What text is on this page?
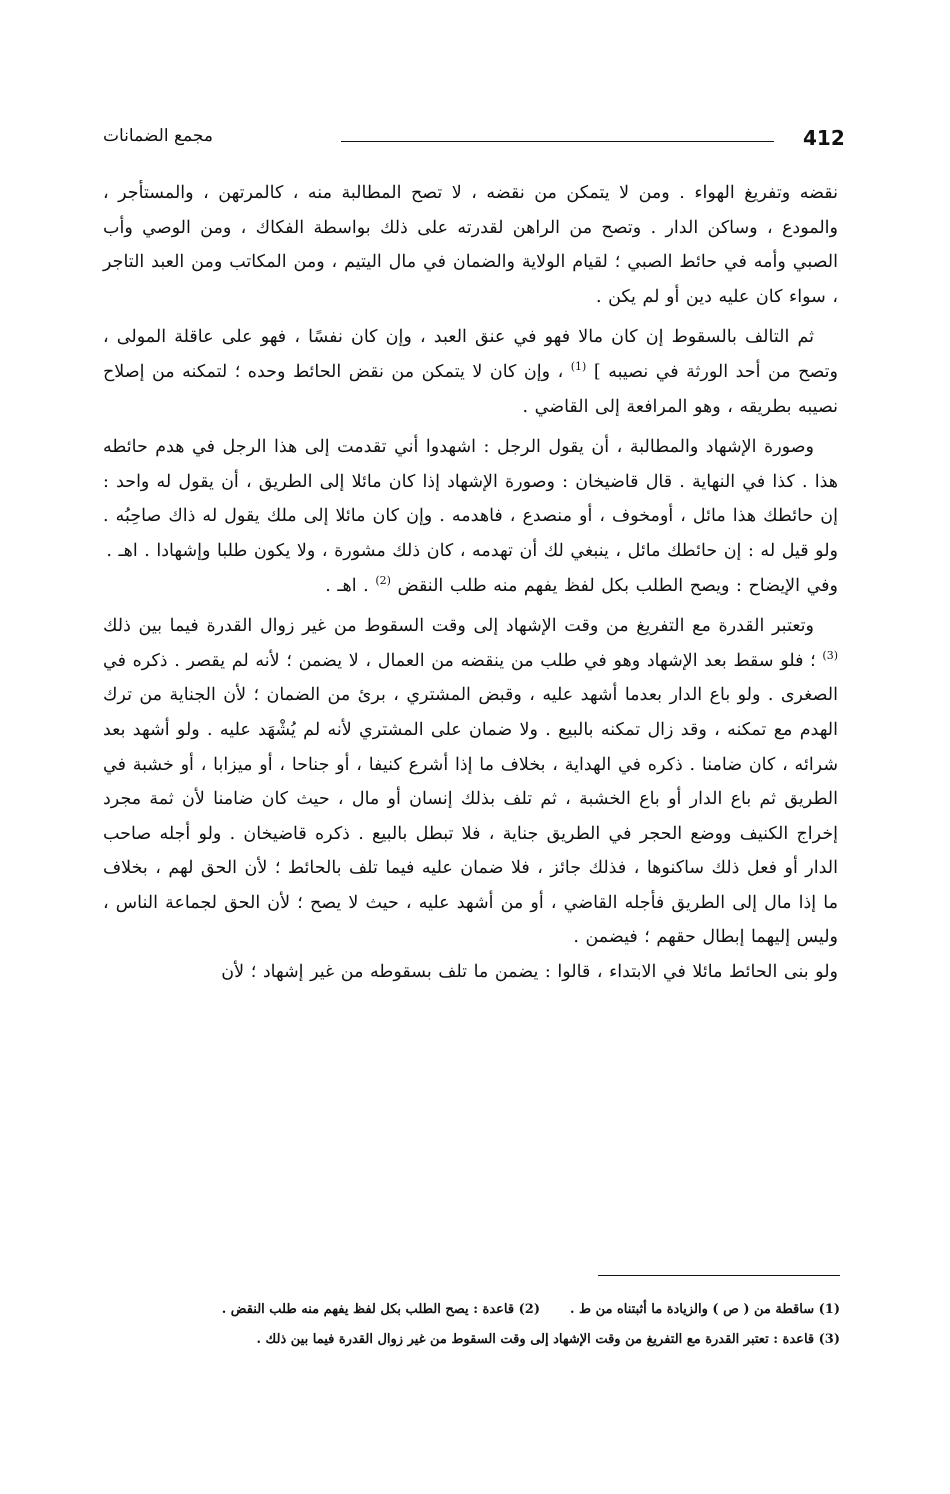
412
مجمع الضمانات

نقضه وتفريغ الهواء . ومن لا يتمكن من نقضه ، لا تصح المطالبة منه ، كالمرتهن ، والمستأجر ، والمودع ، وساكن الدار . وتصح من الراهن لقدرته على ذلك بواسطة الفكاك ، ومن الوصي وأب الصبي وأمه في حائط الصبي ؛ لقيام الولاية والضمان في مال اليتيم ، ومن المكاتب ومن العبد التاجر ، سواء كان عليه دين أو لم يكن .

ثم التالف بالسقوط إن كان مالا فهو في عنق العبد ، وإن كان نفسًا ، فهو على عاقلة المولى ، وتصح من أحد الورثة في نصيبه ] $^{(1)}$ ، وإن كان لا يتمكن من نقض الحائط وحده ؛ لتمكنه من إصلاح نصيبه بطريقه ، وهو المرافعة إلى القاضي .

وصورة الإشهاد والمطالبة ، أن يقول الرجل : اشهدوا أني تقدمت إلى هذا الرجل في هدم حائطه هذا . كذا في النهاية . قال قاضيخان : وصورة الإشهاد إذا كان مائلا إلى الطريق ، أن يقول له واحد : إن حائطك هذا مائل ، أومخوف ، أو منصدع ، فاهدمه . وإن كان مائلا إلى ملك يقول له ذاك صاحِبُه . ولو قيل له : إن حائطك مائل ، ينبغي لك أن تهدمه ، كان ذلك مشورة ، ولا يكون طلبا وإشهادا . اهـ .

وفي الإيضاح : ويصح الطلب بكل لفظ يفهم منه طلب النقض $^{(2)}$ . اهـ .

وتعتبر القدرة مع التفريغ من وقت الإشهاد إلى وقت السقوط من غير زوال القدرة فيما بين ذلك $^{(3)}$ ؛ فلو سقط بعد الإشهاد وهو في طلب من ينقضه من العمال ، لا يضمن ؛ لأنه لم يقصر . ذكره في الصغرى . ولو باع الدار بعدما أشهد عليه ، وقبض المشتري ، برئ من الضمان ؛ لأن الجناية من ترك الهدم مع تمكنه ، وقد زال تمكنه بالبيع . ولا ضمان على المشتري لأنه لم يُشْهَد عليه . ولو أشهد بعد شرائه ، كان ضامنا . ذكره في الهداية ، بخلاف ما إذا أشرع كنيفا ، أو جناحا ، أو ميزابا ، أو خشبة في الطريق ثم باع الدار أو باع الخشبة ، ثم تلف بذلك إنسان أو مال ، حيث كان ضامنا لأن ثمة مجرد إخراج الكنيف ووضع الحجر في الطريق جناية ، فلا تبطل بالبيع . ذكره قاضيخان . ولو أجله صاحب الدار أو فعل ذلك ساكنوها ، فذلك جائز ، فلا ضمان عليه فيما تلف بالحائط ؛ لأن الحق لهم ، بخلاف ما إذا مال إلى الطريق فأجله القاضي ، أو من أشهد عليه ، حيث لا يصح ؛ لأن الحق لجماعة الناس ، وليس إليهما إبطال حقهم ؛ فيضمن .

ولو بنى الحائط مائلا في الابتداء ، قالوا : يضمن ما تلف بسقوطه من غير إشهاد ؛ لأن

(1) ساقطة من ( ص ) والزيادة ما أثبتناه من ط .(2) قاعدة : يصح الطلب بكل لفظ يفهم منه طلب النقض .
(3) قاعدة : تعتبر القدرة مع التفريغ من وقت الإشهاد إلى وقت السقوط من غير زوال القدرة فيما بين ذلك .
